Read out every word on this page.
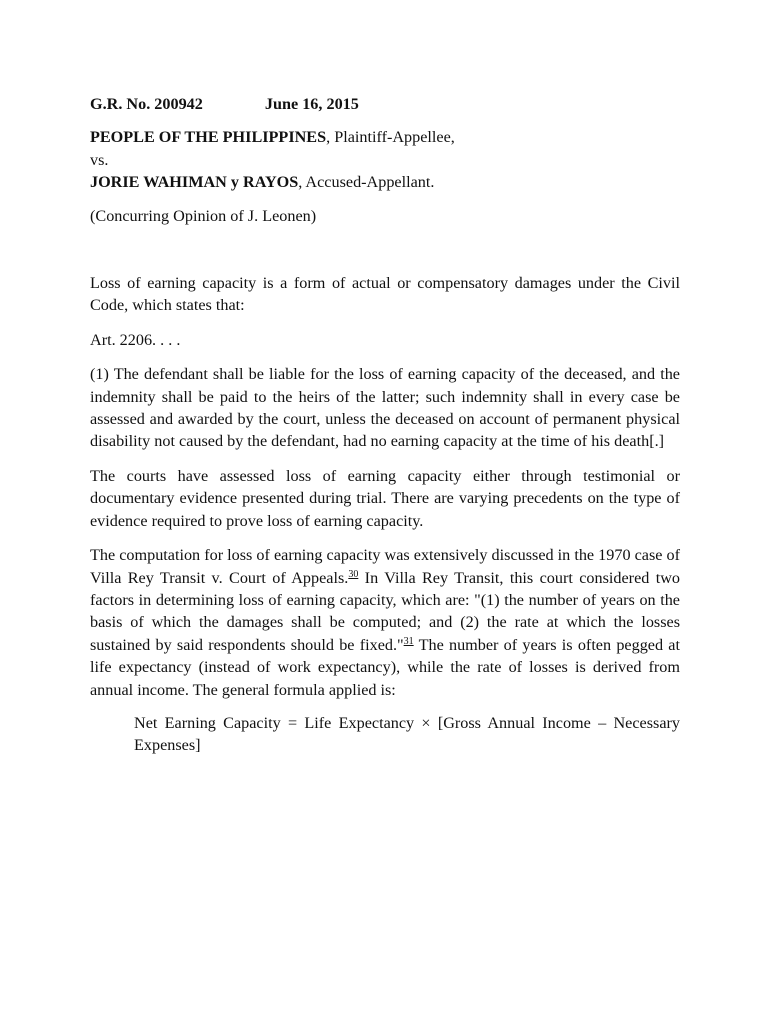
G.R. No. 200942	June 16, 2015

PEOPLE OF THE PHILIPPINES, Plaintiff-Appellee,

vs.

JORIE WAHIMAN y RAYOS, Accused-Appellant.

(Concurring Opinion of J. Leonen)

Loss of earning capacity is a form of actual or compensatory damages under the Civil Code, which states that:

Art. 2206. . . .

(1) The defendant shall be liable for the loss of earning capacity of the deceased, and the indemnity shall be paid to the heirs of the latter; such indemnity shall in every case be assessed and awarded by the court, unless the deceased on account of permanent physical disability not caused by the defendant, had no earning capacity at the time of his death[.]

The courts have assessed loss of earning capacity either through testimonial or documentary evidence presented during trial. There are varying precedents on the type of evidence required to prove loss of earning capacity.

The computation for loss of earning capacity was extensively discussed in the 1970 case of Villa Rey Transit v. Court of Appeals.$^{30}$ In Villa Rey Transit, this court considered two factors in determining loss of earning capacity, which are: "(1) the number of years on the basis of which the damages shall be computed; and (2) the rate at which the losses sustained by said respondents should be fixed."$^{31}$ The number of years is often pegged at life expectancy (instead of work expectancy), while the rate of losses is derived from annual income. The general formula applied is:

Net Earning Capacity = Life Expectancy × [Gross Annual Income – Necessary Expenses]
